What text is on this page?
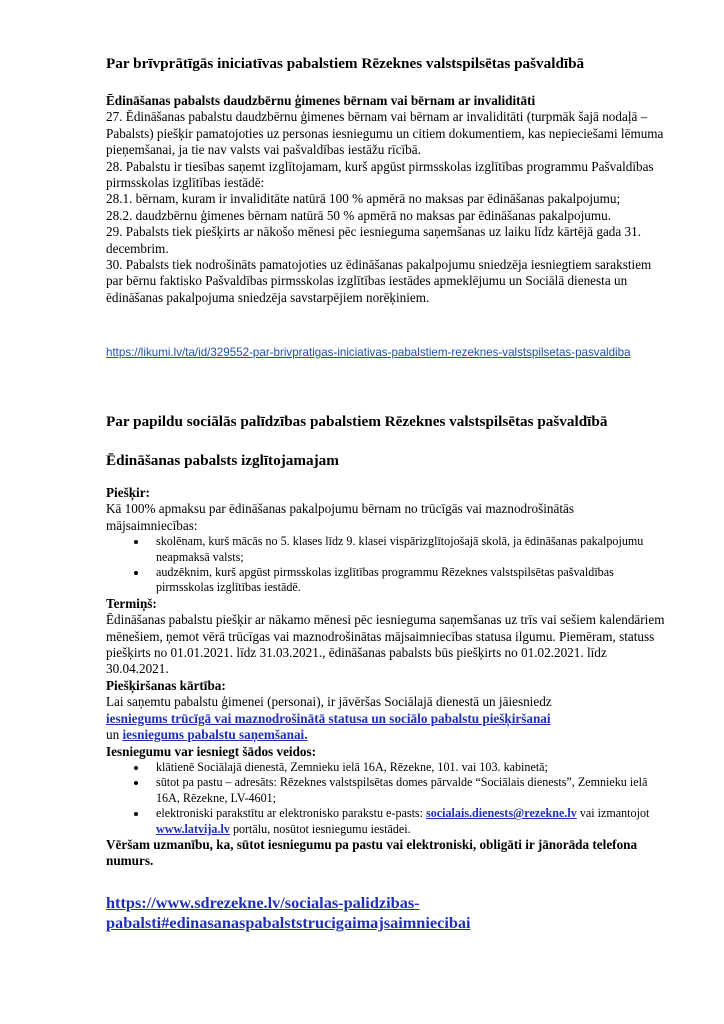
Par brīvprātīgās iniciatīvas pabalstiem Rēzeknes valstspilsētas pašvaldībā

Ēdināšanas pabalsts daudzbērnu ģimenes bērnam vai bērnam ar invaliditāti

27. Ēdināšanas pabalstu daudzbērnu ģimenes bērnam vai bērnam ar invaliditāti (turpmāk šajā nodaļā – Pabalsts) piešķir pamatojoties uz personas iesniegumu un citiem dokumentiem, kas nepieciešami lēmuma pieņemšanai, ja tie nav valsts vai pašvaldības iestāžu rīcībā.

28. Pabalstu ir tiesības saņemt izglītojamam, kurš apgūst pirmsskolas izglītības programmu Pašvaldības pirmsskolas izglītības iestādē:

28.1. bērnam, kuram ir invaliditāte natūrā 100 % apmērā no maksas par ēdināšanas pakalpojumu;

28.2. daudzbērnu ģimenes bērnam natūrā 50 % apmērā no maksas par ēdināšanas pakalpojumu.

29. Pabalsts tiek piešķirts ar nākošo mēnesi pēc iesnieguma saņemšanas uz laiku līdz kārtējā gada 31. decembrim.

30. Pabalsts tiek nodrošināts pamatojoties uz ēdināšanas pakalpojumu sniedzēja iesniegtiem sarakstiem par bērnu faktisko Pašvaldības pirmsskolas izglītības iestādes apmeklējumu un Sociālā dienesta un ēdināšanas pakalpojuma sniedzēja savstarpējiem norēķiniem.

https://likumi.lv/ta/id/329552-par-brivpratigas-iniciativas-pabalstiem-rezeknes-valstspilsetas-pasvaldiba
Par papildu sociālās palīdzības pabalstiem Rēzeknes valstspilsētas pašvaldībā
Ēdināšanas pabalsts izglītojamajam

Piešķir:

Kā 100% apmaksu par ēdināšanas pakalpojumu bērnam no trūcīgās vai maznodrošinātās mājsaimniecības:

• skolēnam, kurš mācās no 5. klases līdz 9. klasei vispārizglītojošajā skolā, ja ēdināšanas pakalpojumu neapmaksā valsts;
• audzēknim, kurš apgūst pirmsskolas izglītības programmu Rēzeknes valstspilsētas pašvaldības pirmsskolas izglītības iestādē.

Termiņš:

Ēdināšanas pabalstu piešķir ar nākamo mēnesi pēc iesnieguma saņemšanas uz trīs vai sešiem kalendāriem mēnešiem, ņemot vērā trūcīgas vai maznodrošinātas mājsaimniecības statusa ilgumu. Piemēram, statuss piešķirts no 01.01.2021. līdz 31.03.2021., ēdināšanas pabalsts būs piešķirts no 01.02.2021. līdz 30.04.2021.

Piešķiršanas kārtība:

Lai saņemtu pabalstu ģimenei (personai), ir jāvēršas Sociālajā dienestā un jāiesniedz
iesniegums trūcīgā vai maznodrošinātā statusa un sociālo pabalstu piešķiršanai
un iesniegums pabalstu saņemšanai.

Iesniegumu var iesniegt šādos veidos:

• klātienē Sociālajā dienestā, Zemnieku ielā 16A, Rēzekne, 101. vai 103. kabinetā;
• sūtot pa pastu – adresāts: Rēzeknes valstspilsētas domes pārvalde “Sociālais dienests”, Zemnieku ielā 16A, Rēzekne, LV-4601;
• elektroniski parakstītu ar elektronisko parakstu e-pasts: socialais.dienests@rezekne.lv vai izmantojot www.latvija.lv portālu, nosūtot iesniegumu iestādei.

Vēršam uzmanību, ka, sūtot iesniegumu pa pastu vai elektroniski, obligāti ir jānorāda telefona numurs.

https://www.sdrezekne.lv/socialas-palidzibas-pabalsti#edinasanaspabalststrucigaimajsaimniecibai
